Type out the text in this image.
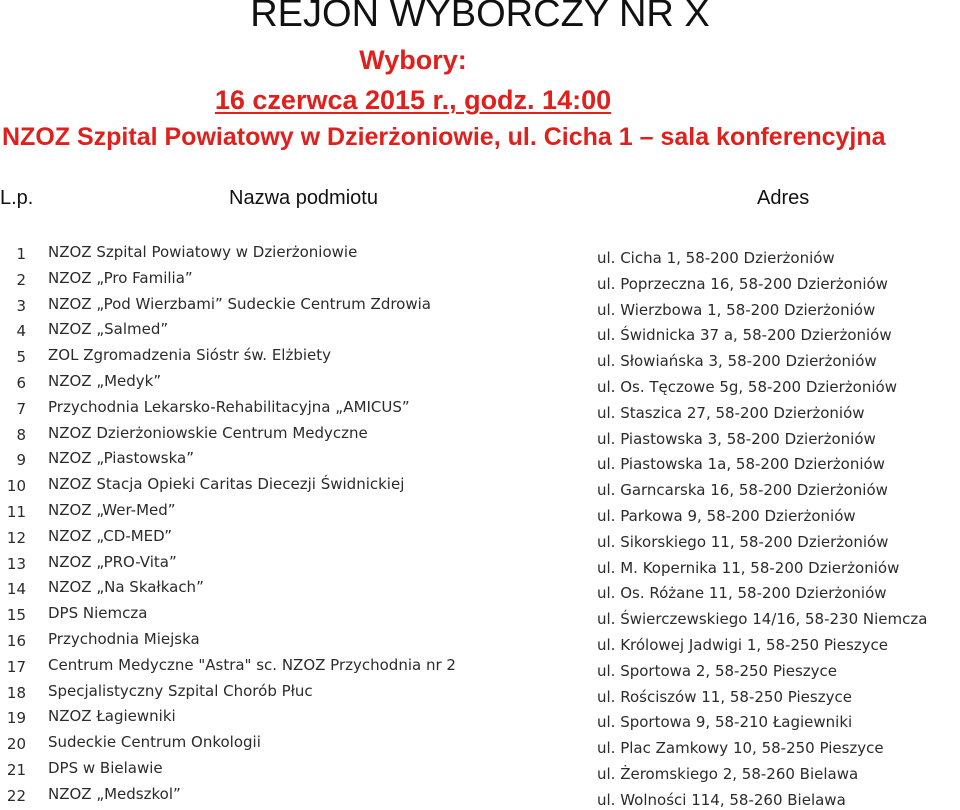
REJON WYBORCZY NR X
Wybory:
16 czerwca 2015 r., godz. 14:00
NZOZ Szpital Powiatowy w Dzierżoniowie, ul. Cicha 1 – sala konferencyjna
L.p.	Nazwa podmiotu	Adres
1 NZOZ Szpital Powiatowy w Dzierżoniowie	ul. Cicha 1, 58-200 Dzierżoniów
2 NZOZ „Pro Familia”	ul. Poprzeczna 16, 58-200 Dzierżoniów
3 NZOZ „Pod Wierzbami” Sudeckie Centrum Zdrowia	ul. Wierzbowa 1, 58-200 Dzierżoniów
4 NZOZ „Salmed”	ul. Świdnicka 37 a, 58-200 Dzierżoniów
5 ZOL Zgromadzenia Sióstr św. Elżbiety	ul. Słowiańska 3, 58-200 Dzierżoniów
6 NZOZ „Medyk”	ul. Os. Tęczowe 5g, 58-200 Dzierżoniów
7 Przychodnia Lekarsko-Rehabilitacyjna „AMICUS”	ul. Staszica 27, 58-200 Dzierżoniów
8 NZOZ Dzierżoniowskie Centrum Medyczne	ul. Piastowska 3, 58-200 Dzierżoniów
9 NZOZ „Piastowska”	ul. Piastowska 1a, 58-200 Dzierżoniów
10 NZOZ Stacja Opieki Caritas Diecezji Świdnickiej	ul. Garncarska 16, 58-200 Dzierżoniów
11 NZOZ „Wer-Med”	ul. Parkowa 9, 58-200 Dzierżoniów
12 NZOZ „CD-MED”	ul. Sikorskiego 11, 58-200 Dzierżoniów
13 NZOZ „PRO-Vita”	ul. M. Kopernika 11, 58-200 Dzierżoniów
14 NZOZ „Na Skałkach”	ul. Os. Różane 11, 58-200 Dzierżoniów
15 DPS Niemcza	ul. Świerczewskiego 14/16, 58-230 Niemcza
16 Przychodnia Miejska	ul. Królowej Jadwigi 1, 58-250 Pieszyce
17 Centrum Medyczne "Astra" sc. NZOZ Przychodnia nr 2	ul. Sportowa 2, 58-250 Pieszyce
18 Specjalistyczny Szpital Chorób Płuc	ul. Rościszów 11, 58-250 Pieszyce
19 NZOZ Łagiewniki	ul. Sportowa 9, 58-210 Łagiewniki
20 Sudeckie Centrum Onkologii	ul. Plac Zamkowy 10, 58-250 Pieszyce
21 DPS w Bielawie	ul. Żeromskiego 2, 58-260 Bielawa
22 NZOZ „Medszkol”	ul. Wolności 114, 58-260 Bielawa
